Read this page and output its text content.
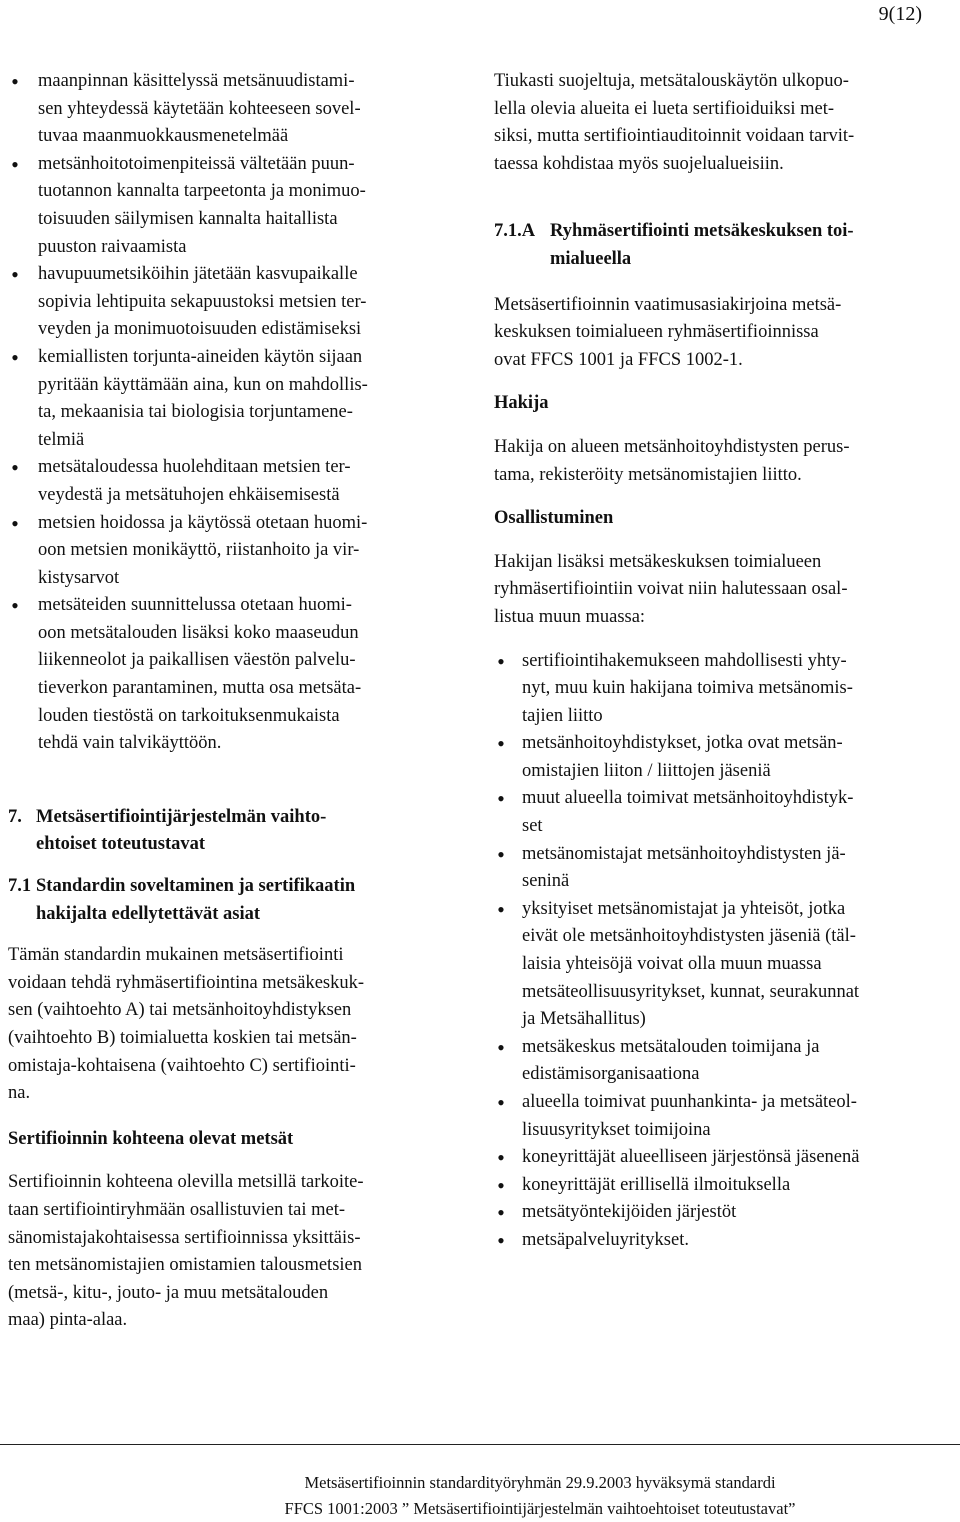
9(12)
•
maanpinnan käsittelyssä metsänuudistami-
sen yhteydessä käytetään kohteeseen sovel-
tuvaa maanmuokkausmenetelmää
•
metsänhoitotoimenpiteissä vältetään puun-
tuotannon kannalta tarpeetonta ja monimuo-
toisuuden säilymisen kannalta haitallista
puuston raivaamista
•
havupuumetsiköihin jätetään kasvupaikalle
sopivia lehtipuita sekapuustoksi metsien ter-
veyden ja monimuotoisuuden edistämiseksi
•
kemiallisten torjunta-aineiden käytön sijaan
pyritään käyttämään aina, kun on mahdollis-
ta, mekaanisia tai biologisia torjuntamene-
telmiä
•
metsätaloudessa huolehditaan metsien ter-
veydestä ja metsätuhojen ehkäisemisestä
•
metsien hoidossa ja käytössä otetaan huomi-
oon metsien monikäyttö, riistanhoito ja vir-
kistysarvot
•
metsäteiden suunnittelussa otetaan huomi-
oon metsätalouden lisäksi koko maaseudun
liikenneolot ja paikallisen väestön palvelu-
tieverkon parantaminen, mutta osa metsäta-
louden tiestöstä on tarkoituksenmukaista
tehdä vain talvikäyttöön.
7. Metsäsertifiointijärjestelmän vaihto-
ehtoiset toteutustavat
7.1 Standardin soveltaminen ja sertifikaatin
hakijalta edellytettävät asiat

Tämän standardin mukainen metsäsertifiointi
voidaan tehdä ryhmäsertifiointina metsäkeskuk-
sen (vaihtoehto A) tai metsänhoitoyhdistyksen
(vaihtoehto B) toimialuetta koskien tai metsän-
omistaja-kohtaisena (vaihtoehto C) sertifiointi-
na.

Sertifioinnin kohteena olevat metsät

Sertifioinnin kohteena olevilla metsillä tarkoite-
taan sertifiointiryhmään osallistuvien tai met-
sänomistajakohtaisessa sertifioinnissa yksittäis-
ten metsänomistajien omistamien talousmetsien
(metsä-, kitu-, jouto- ja muu metsätalouden
maa) pinta-alaa.

Tiukasti suojeltuja, metsätalouskäytön ulkopuo-
lella olevia alueita ei lueta sertifioiduiksi met-
siksi, mutta sertifiointiauditoinnit voidaan tarvit-
taessa kohdistaa myös suojelualueisiin.

7.1.A Ryhmäsertifiointi metsäkeskuksen toi-
mialueella

Metsäsertifioinnin vaatimusasiakirjoina metsä-
keskuksen toimialueen ryhmäsertifioinnissa
ovat FFCS 1001 ja FFCS 1002-1.

Hakija

Hakija on alueen metsänhoitoyhdistysten perus-
tama, rekisteröity metsänomistajien liitto.

Osallistuminen

Hakijan lisäksi metsäkeskuksen toimialueen
ryhmäsertifiointiin voivat niin halutessaan osal-
listua muun muassa:

•
sertifiointihakemukseen mahdollisesti yhty-
nyt, muu kuin hakijana toimiva metsänomis-
tajien liitto
•
metsänhoitoyhdistykset, jotka ovat metsän-
omistajien liiton / liittojen jäseniä
•
muut alueella toimivat metsänhoitoyhdistyk-
set
•
metsänomistajat metsänhoitoyhdistysten jä-
seninä
•
yksityiset metsänomistajat ja yhteisöt, jotka
eivät ole metsänhoitoyhdistysten jäseniä (täl-
laisia yhteisöjä voivat olla muun muassa
metsäteollisuusyritykset, kunnat, seurakunnat
ja Metsähallitus)
•
metsäkeskus metsätalouden toimijana ja
edistämisorganisaationa
•
alueella toimivat puunhankinta- ja metsäteol-
lisuusyritykset toimijoina
•
koneyrittäjät alueelliseen järjestönsä jäsenenä
•
koneyrittäjät erillisellä ilmoituksella
•
metsätyöntekijöiden järjestöt
•
metsäpalveluyritykset.
Metsäsertifioinnin standardityöryhmän 29.9.2003 hyväksymä standardi
FFCS 1001:2003 ” Metsäsertifiointijärjestelmän vaihtoehtoiset toteutustavat”
